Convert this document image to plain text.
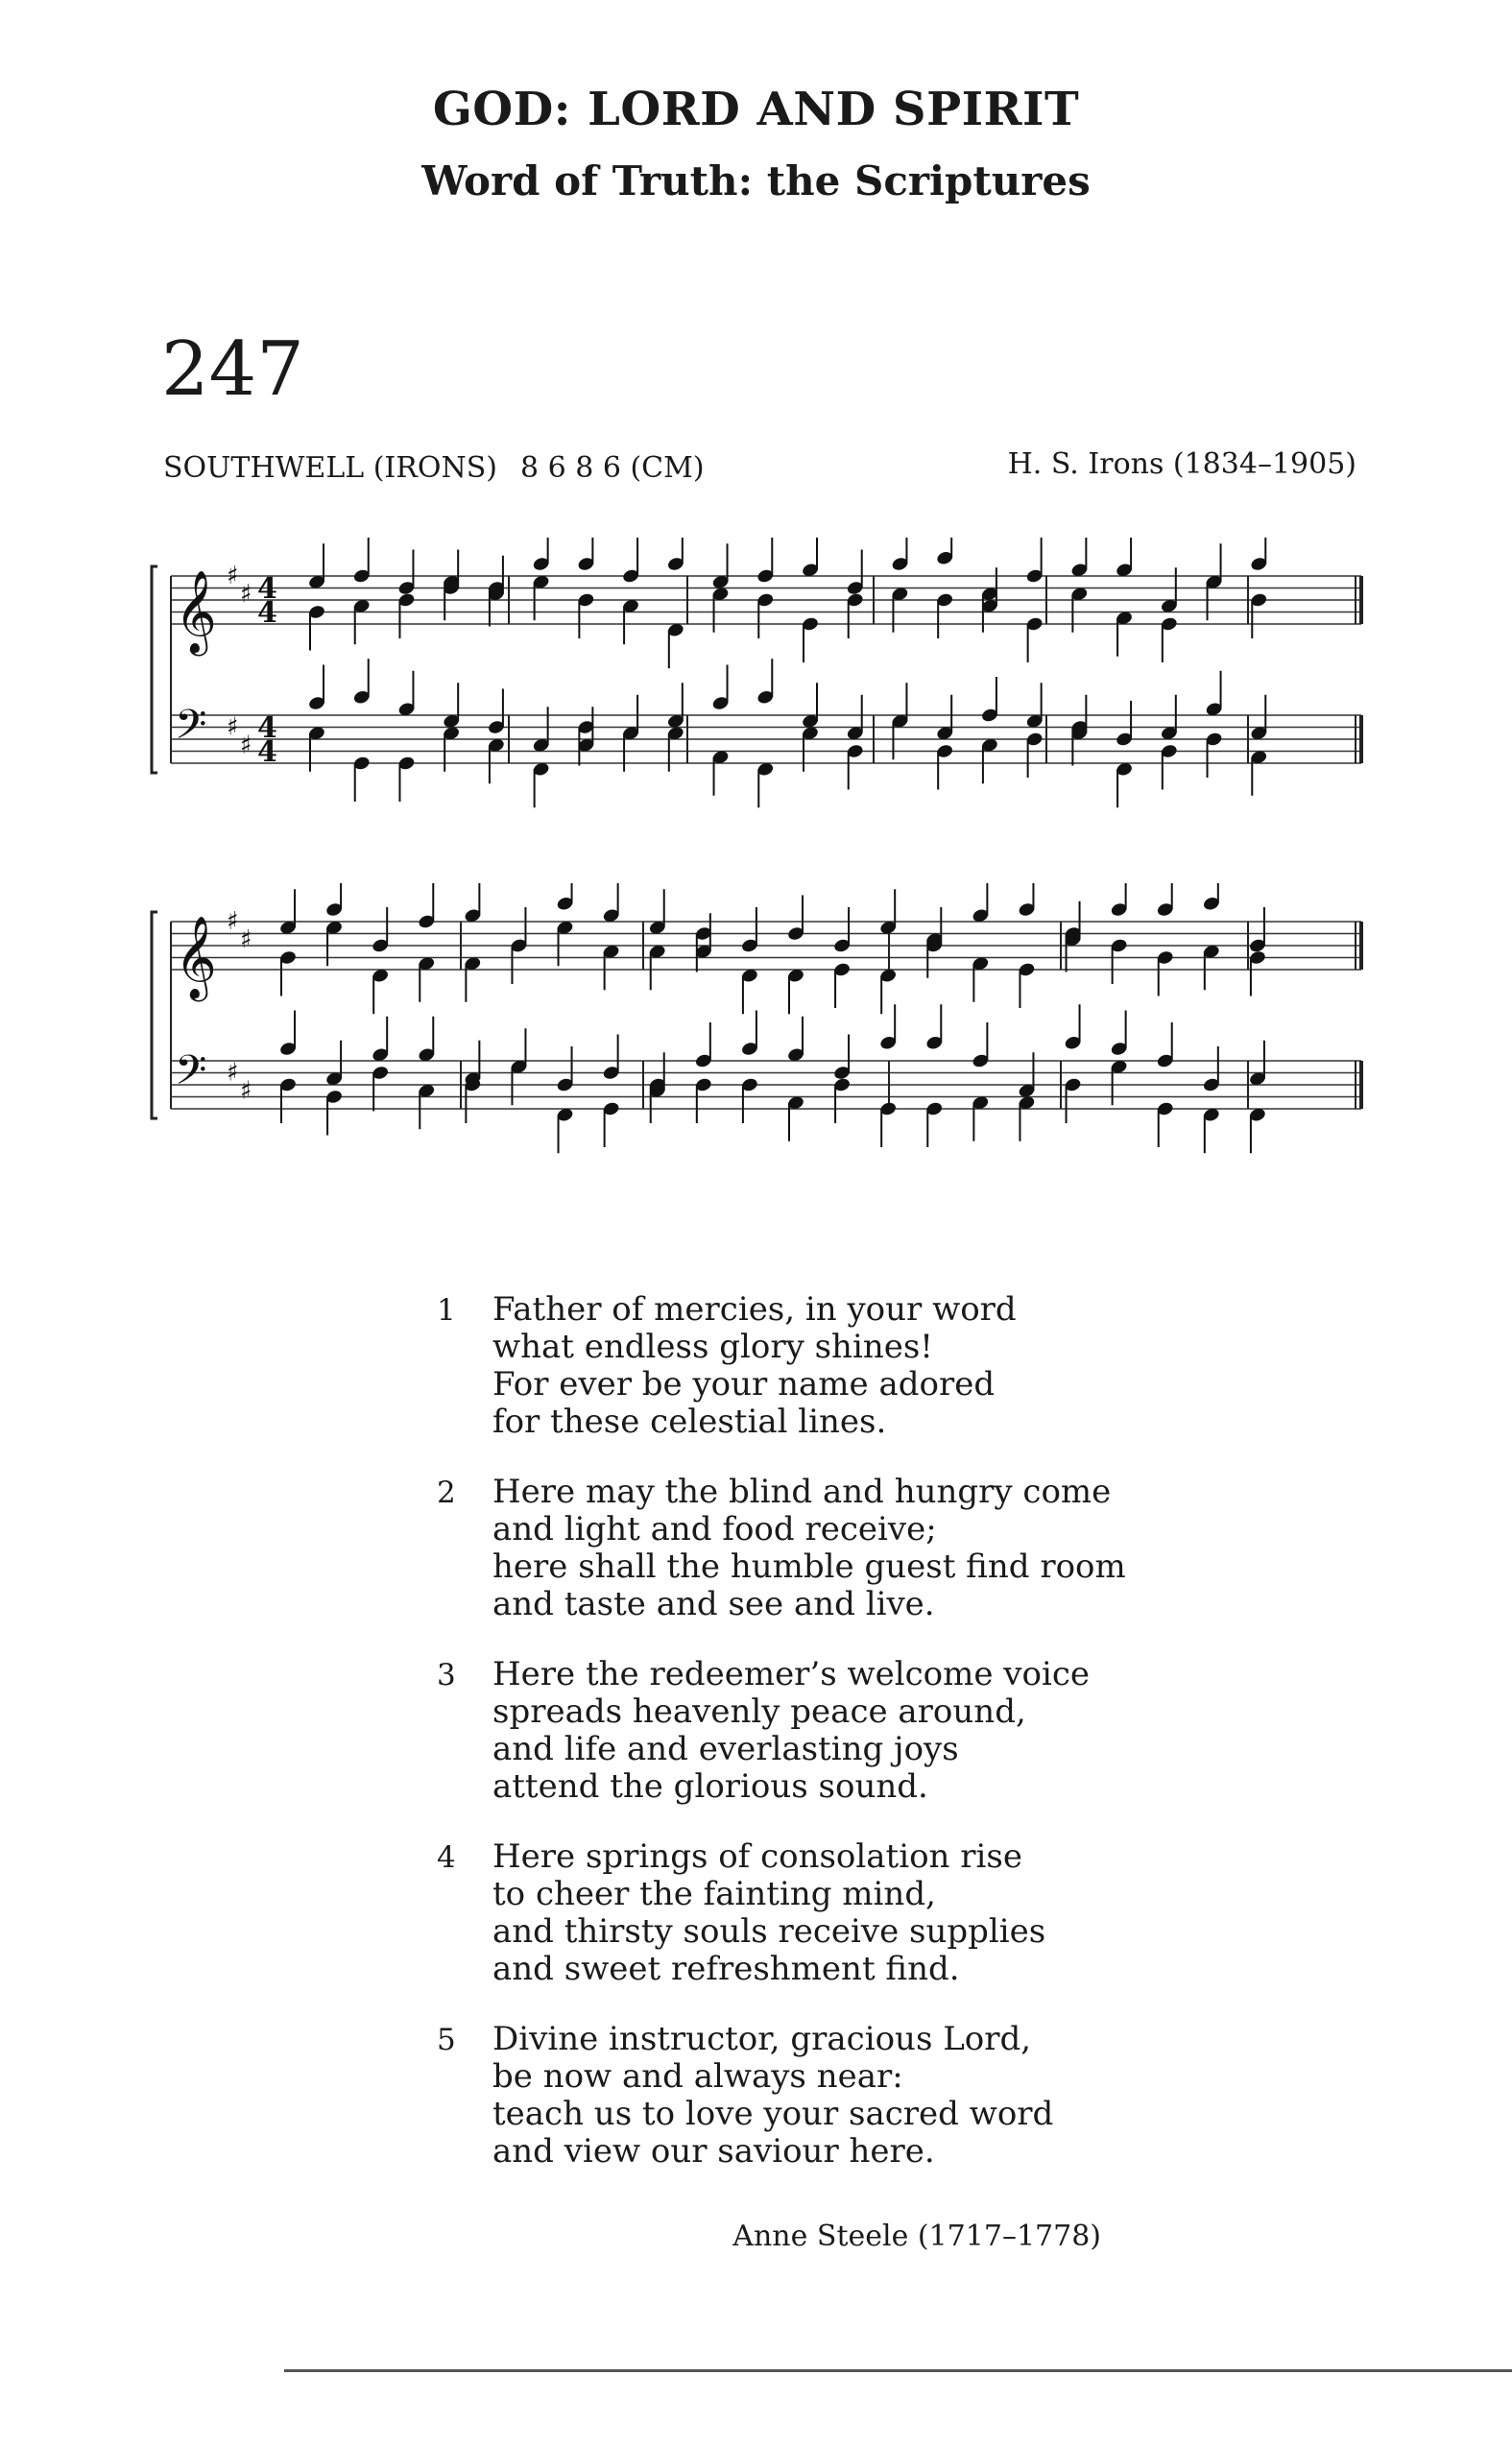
GOD: LORD AND SPIRIT
Word of Truth: the Scriptures
247
SOUTHWELL (IRONS) 8 6 8 6 (CM)	H. S. Irons (1834–1905)
𝄞 ♯
♯ 4
4
𝄢 ♯
♯
4
4
𝄞 ♯
♯
𝄢 ♯
♯
1	Father of mercies, in your word
what endless glory shines!
For ever be your name adored
for these celestial lines.
2	Here may the blind and hungry come
and light and food receive;
here shall the humble guest find room
and taste and see and live.
3	Here the redeemer’s welcome voice
spreads heavenly peace around,
and life and everlasting joys
attend the glorious sound.
4	Here springs of consolation rise
to cheer the fainting mind,
and thirsty souls receive supplies
and sweet refreshment find.
5	Divine instructor, gracious Lord,
be now and always near:
teach us to love your sacred word
and view our saviour here.
Anne Steele (1717–1778)
